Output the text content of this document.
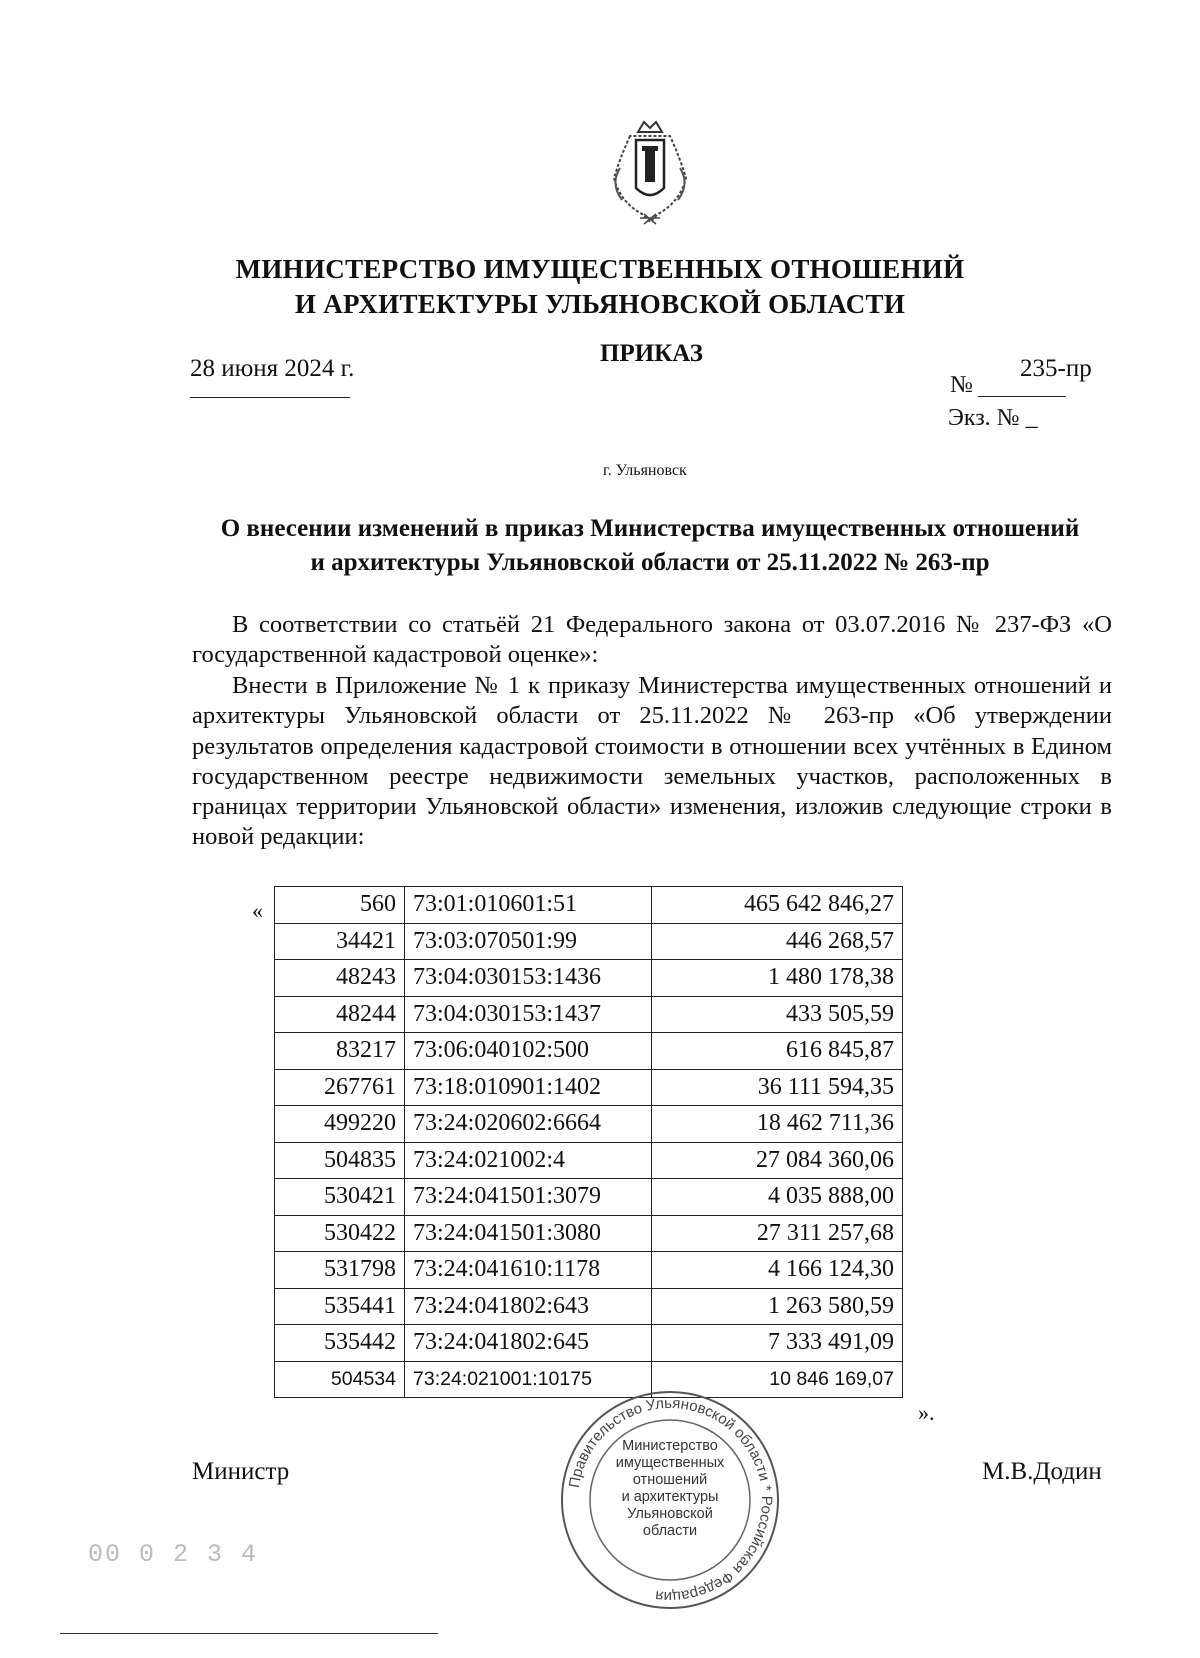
МИНИСТЕРСТВО ИМУЩЕСТВЕННЫХ ОТНОШЕНИЙ
И АРХИТЕКТУРЫ УЛЬЯНОВСКОЙ ОБЛАСТИ
ПРИКАЗ
28 июня 2024 г.
№
235-пр
Экз. № _
г. Ульяновск
О внесении изменений в приказ Министерства имущественных отношений
и архитектуры Ульяновской области от 25.11.2022 № 263-пр
В соответствии со статьёй 21 Федерального закона от 03.07.2016 № 237-ФЗ «О государственной кадастровой оценке»:
Внести в Приложение № 1 к приказу Министерства имущественных отношений и архитектуры Ульяновской области от 25.11.2022 № 263-пр «Об утверждении результатов определения кадастровой стоимости в отношении всех учтённых в Едином государственном реестре недвижимости земельных участков, расположенных в границах территории Ульяновской области» изменения, изложив следующие строки в новой редакции:
«	560	73:01:010601:51	465 642 846,27
34421	73:03:070501:99	446 268,57
48243	73:04:030153:1436	1 480 178,38
48244	73:04:030153:1437	433 505,59
83217	73:06:040102:500	616 845,87
267761	73:18:010901:1402	36 111 594,35
499220	73:24:020602:6664	18 462 711,36
504835	73:24:021002:4	27 084 360,06
530421	73:24:041501:3079	4 035 888,00
530422	73:24:041501:3080	27 311 257,68
531798	73:24:041610:1178	4 166 124,30
535441	73:24:041802:643	1 263 580,59
535442	73:24:041802:645	7 333 491,09
504534	73:24:021001:10175	10 846 169,07
».
Правительство Ульяновской области * Российская Федерация
Министерство
имущественных
отношений
и архитектуры
Ульяновской
области
Министр	М.В.Додин
00 0 2 3 4
